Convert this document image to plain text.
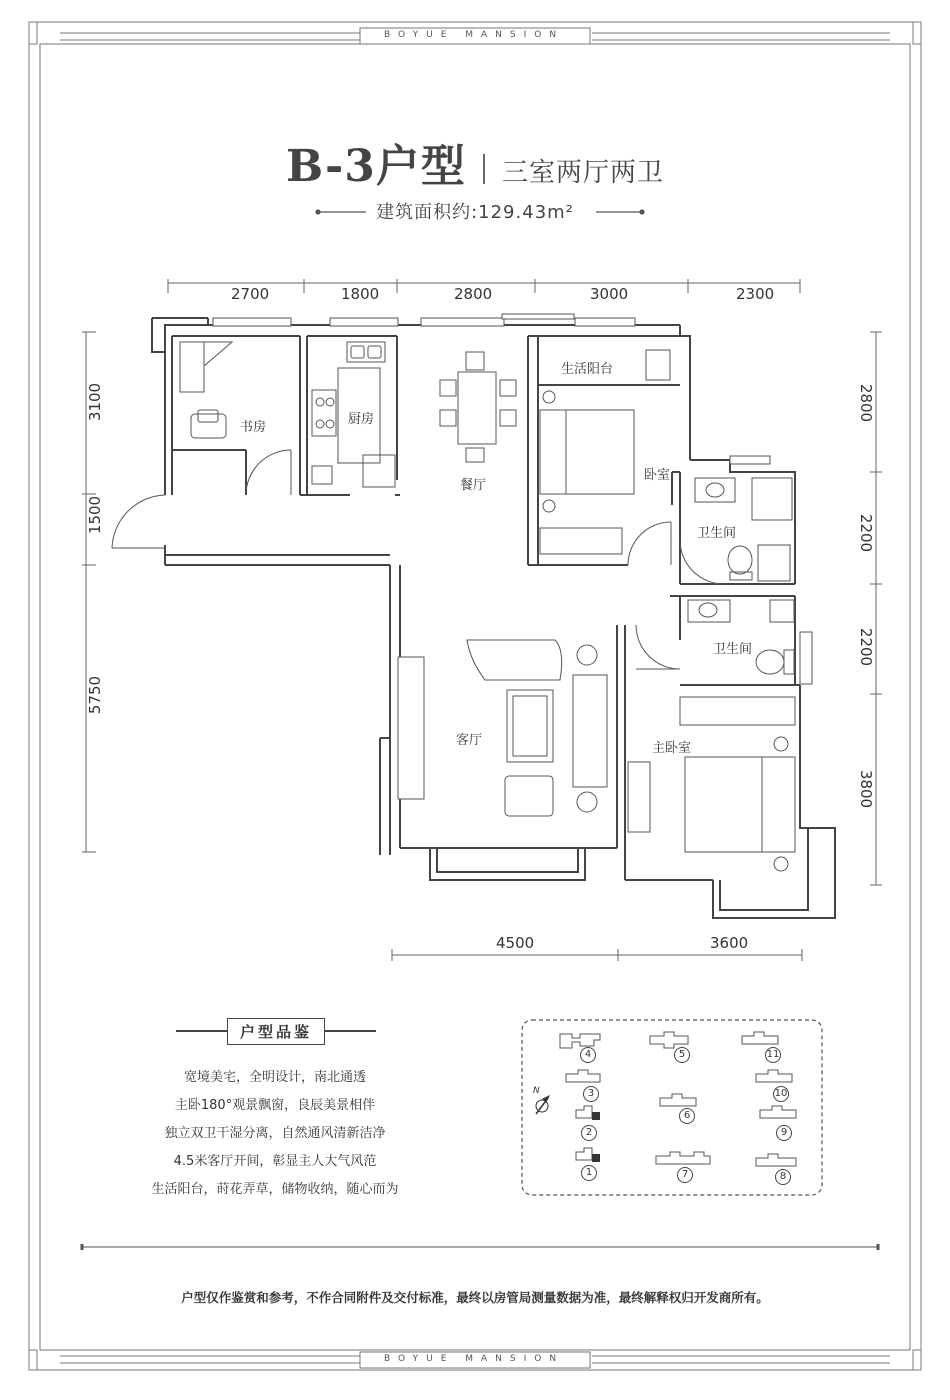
BOYUE MANSION
BOYUE MANSION
B-3户型 三室两厅两卫
建筑面积约:129.43m²
书房
厨房
餐厅
生活阳台
卧室
卫生间
卫生间
客厅
主卧室
2700	1800	2800	3000	2300
3100
1500
5750
2800
2200
2200
3800
4500	3600
户型品鉴
宽境美宅，全明设计，南北通透
主卧180°观景飘窗，良辰美景相伴
独立双卫干湿分离，自然通风清新洁净
4.5米客厅开间，彰显主人大气风范
生活阳台，莳花弄草，储物收纳，随心而为
N
4	5	11
3	10
2
6
9
1	7	8
户型仅作鉴赏和参考，不作合同附件及交付标准，最终以房管局测量数据为准，最终解释权归开发商所有。
